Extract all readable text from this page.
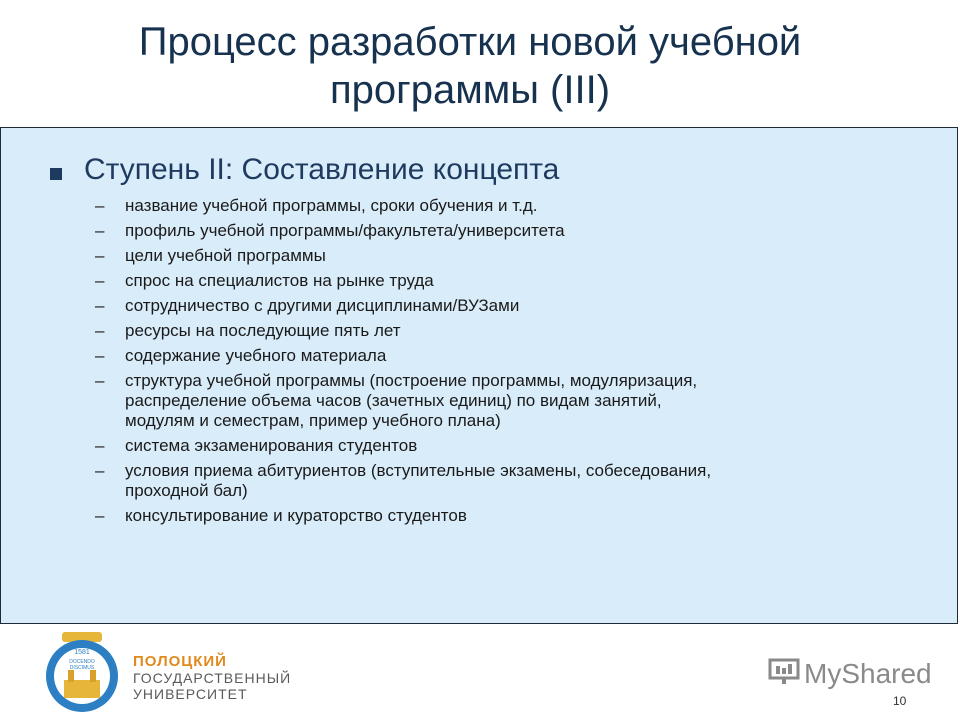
Процесс разработки новой учебной
программы (III)
Ступень II: Составление концепта
– название учебной программы, сроки обучения и т.д.
– профиль учебной программы/факультета/университета
– цели учебной программы
– спрос на специалистов на рынке труда
– сотрудничество с другими дисциплинами/ВУЗами
– ресурсы на последующие пять лет
– содержание учебного материала
– структура учебной программы (построение программы, модуляризация,
распределение объема часов (зачетных единиц) по видам занятий,
модулям и семестрам, пример учебного плана)
– система экзаменирования студентов
– условия приема абитуриентов (вступительные экзамены, собеседования,
проходной бал)
– консультирование и кураторство студентов
1581
DOCENDO
DISCIMUS	ПОЛОЦКИЙ
ГОСУДАРСТВЕННЫЙ
УНИВЕРСИТЕТ
MyShared
10
